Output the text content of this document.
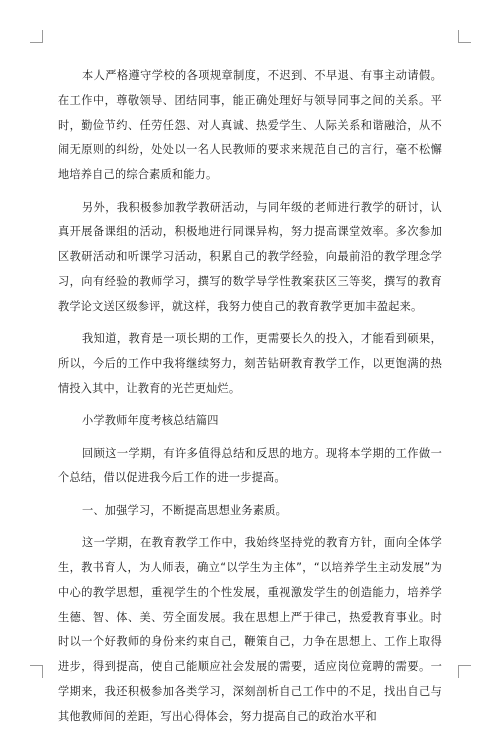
本人严格遵守学校的各项规章制度，不迟到、不早退、有事主动请假。在工作中，尊敬领导、团结同事，能正确处理好与领导同事之间的关系。平时，勤俭节约、任劳任怨、对人真诚、热爱学生、人际关系和谐融洽，从不闹无原则的纠纷，处处以一名人民教师的要求来规范自己的言行，毫不松懈地培养自己的综合素质和能力。

另外，我积极参加教学教研活动，与同年级的老师进行教学的研讨，认真开展备课组的活动，积极地进行同课异构，努力提高课堂效率。多次参加区教研活动和听课学习活动，积累自己的教学经验，向最前沿的教学理念学习，向有经验的教师学习，撰写的数学导学性教案获区三等奖，撰写的教育教学论文送区级参评，就这样，我努力使自己的教育教学更加丰盈起来。

我知道，教育是一项长期的工作，更需要长久的投入，才能看到硕果，所以，今后的工作中我将继续努力，刻苦钻研教育教学工作，以更饱满的热情投入其中，让教育的光芒更灿烂。

小学教师年度考核总结篇四

回顾这一学期，有许多值得总结和反思的地方。现将本学期的工作做一个总结，借以促进我今后工作的进一步提高。

一、加强学习，不断提高思想业务素质。

这一学期，在教育教学工作中，我始终坚持党的教育方针，面向全体学生，教书育人，为人师表，确立“以学生为主体”，“以培养学生主动发展”为中心的教学思想，重视学生的个性发展，重视激发学生的创造能力，培养学生德、智、体、美、劳全面发展。我在思想上严于律己，热爱教育事业。时时以一个好教师的身份来约束自己，鞭策自己，力争在思想上、工作上取得进步，得到提高，使自己能顺应社会发展的需要，适应岗位竟聘的需要。一学期来，我还积极参加各类学习，深刻剖析自己工作中的不足，找出自己与其他教师间的差距，写出心得体会，努力提高自己的政治水平和
